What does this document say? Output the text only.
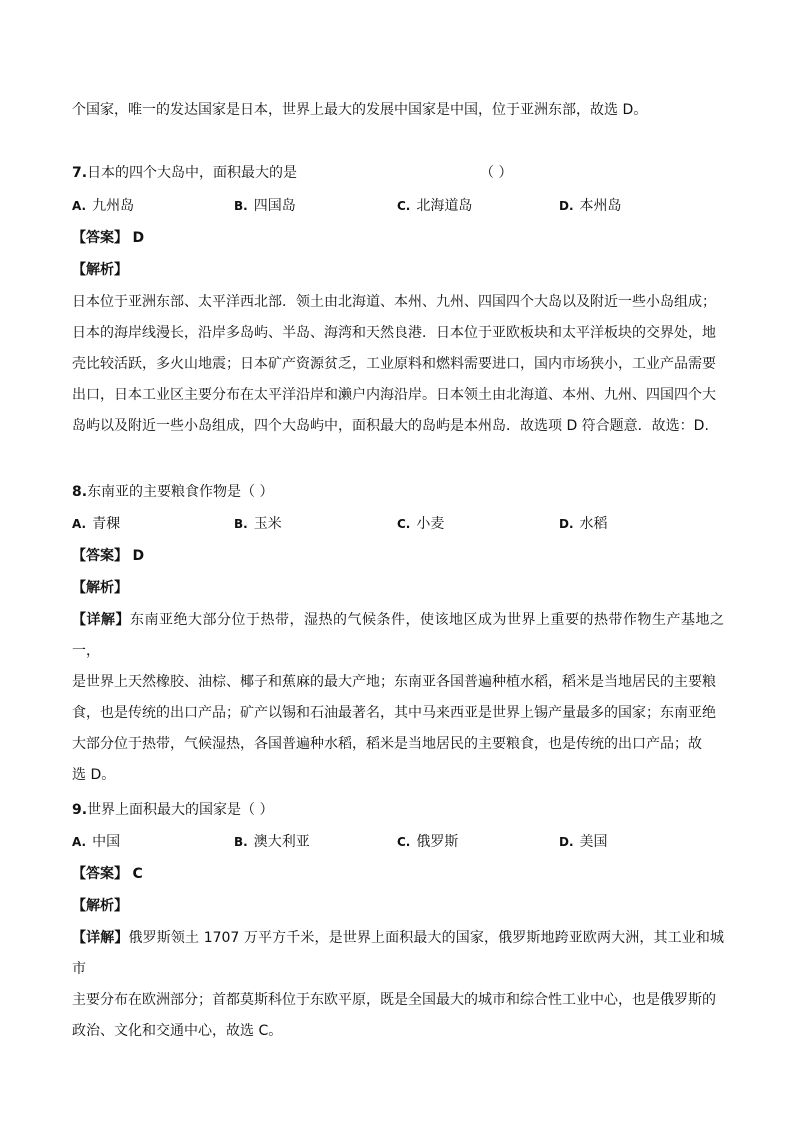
个国家，唯一的发达国家是日本，世界上最大的发展中国家是中国，位于亚洲东部，故选 D。
7.日本的四个大岛中，面积最大的是	（ ）
A. 九州岛	B. 四国岛	C. 北海道岛	D. 本州岛
【答案】 D
【解析】
日本位于亚洲东部、太平洋西北部．领土由北海道、本州、九州、四国四个大岛以及附近一些小岛组成；
日本的海岸线漫长，沿岸多岛屿、半岛、海湾和天然良港．日本位于亚欧板块和太平洋板块的交界处，地
壳比较活跃，多火山地震；日本矿产资源贫乏，工业原料和燃料需要进口，国内市场狭小，工业产品需要
出口，日本工业区主要分布在太平洋沿岸和濑户内海沿岸。日本领土由北海道、本州、九州、四国四个大
岛屿以及附近一些小岛组成，四个大岛屿中，面积最大的岛屿是本州岛．故选项 D 符合题意．故选：D.
8.东南亚的主要粮食作物是（ ）
A. 青稞	B. 玉米	C. 小麦	D. 水稻
【答案】 D
【解析】
【详解】东南亚绝大部分位于热带，湿热的气候条件，使该地区成为世界上重要的热带作物生产基地之一，
是世界上天然橡胶、油棕、椰子和蕉麻的最大产地；东南亚各国普遍种植水稻，稻米是当地居民的主要粮
食，也是传统的出口产品；矿产以锡和石油最著名，其中马来西亚是世界上锡产量最多的国家；东南亚绝
大部分位于热带，气候湿热，各国普遍种水稻，稻米是当地居民的主要粮食，也是传统的出口产品；故
选 D。
9.世界上面积最大的国家是（ ）
A. 中国	B. 澳大利亚	C. 俄罗斯	D. 美国
【答案】 C
【解析】
【详解】俄罗斯领土 1707 万平方千米，是世界上面积最大的国家，俄罗斯地跨亚欧两大洲，其工业和城市
主要分布在欧洲部分；首都莫斯科位于东欧平原，既是全国最大的城市和综合性工业中心，也是俄罗斯的
政治、文化和交通中心，故选 C。
